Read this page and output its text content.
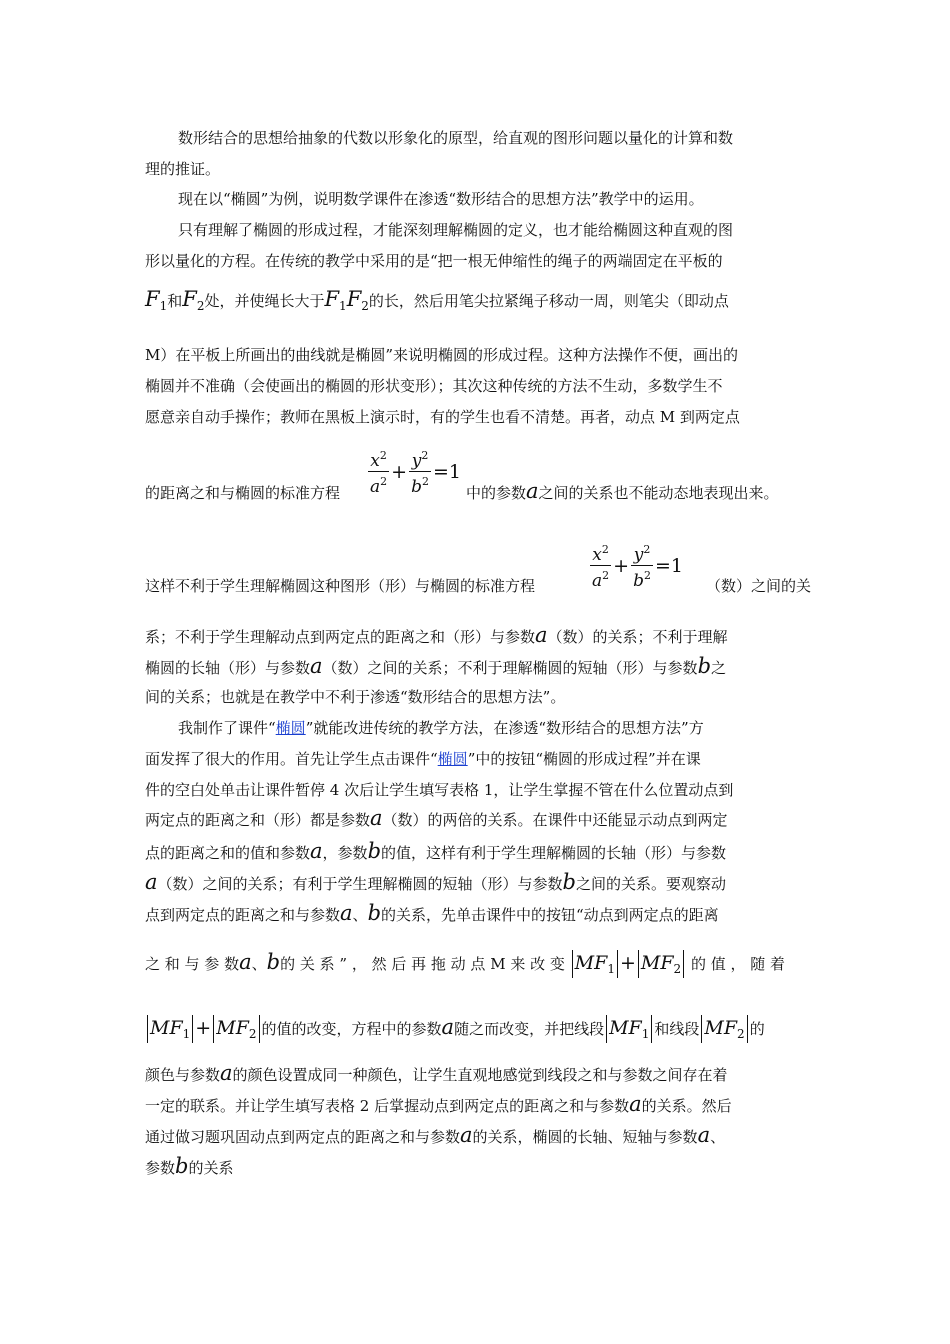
数形结合的思想给抽象的代数以形象化的原型，给直观的图形问题以量化的计算和数
理的推证。
现在以“椭圆”为例，说明数学课件在渗透“数形结合的思想方法”教学中的运用。
只有理解了椭圆的形成过程，才能深刻理解椭圆的定义，也才能给椭圆这种直观的图
形以量化的方程。在传统的教学中采用的是“把一根无伸缩性的绳子的两端固定在平板的
$F_1$和$F_2$处，并使绳长大于$F_1F_2$的长，然后用笔尖拉紧绳子移动一周，则笔尖（即动点
M）在平板上所画出的曲线就是椭圆”来说明椭圆的形成过程。这种方法操作不便，画出的
椭圆并不准确（会使画出的椭圆的形状变形）；其次这种传统的方法不生动，多数学生不
愿意亲自动手操作；教师在黑板上演示时，有的学生也看不清楚。再者，动点 M 到两定点
$\frac{x^2}{a^2} + \frac{y^2}{b^2} =1$
的距离之和与椭圆的标准方程	中的参数a之间的关系也不能动态地表现出来。
$\frac{x^2}{a^2} + \frac{y^2}{b^2} =1$
这样不利于学生理解椭圆这种图形（形）与椭圆的标准方程	（数）之间的关
系；不利于学生理解动点到两定点的距离之和（形）与参数a（数）的关系；不利于理解
椭圆的长轴（形）与参数a（数）之间的关系；不利于理解椭圆的短轴（形）与参数b之
间的关系；也就是在教学中不利于渗透“数形结合的思想方法”。
我制作了课件“椭圆”就能改进传统的教学方法，在渗透“数形结合的思想方法”方
面发挥了很大的作用。首先让学生点击课件“椭圆”中的按钮“椭圆的形成过程”并在课
件的空白处单击让课件暂停 4 次后让学生填写表格 1，让学生掌握不管在什么位置动点到
两定点的距离之和（形）都是参数a（数）的两倍的关系。在课件中还能显示动点到两定
点的距离之和的值和参数a，参数b的值，这样有利于学生理解椭圆的长轴（形）与参数
a（数）之间的关系；有利于学生理解椭圆的短轴（形）与参数b之间的关系。要观察动
点到两定点的距离之和与参数a、b的关系，先单击课件中的按钮“动点到两定点的距离
之 和 与 参 数a、b的 关 系 ” ， 然 后 再 拖 动 点 M 来 改 变 $MF_1 + MF_2$ 的 值 ， 随 着
$MF_1 + MF_2$ 的值的改变，方程中的参数a随之而改变，并把线段 $MF_1$ 和线段 $MF_2$ 的
颜色与参数a的颜色设置成同一种颜色，让学生直观地感觉到线段之和与参数之间存在着
一定的联系。并让学生填写表格 2 后掌握动点到两定点的距离之和与参数a的关系。然后
通过做习题巩固动点到两定点的距离之和与参数a的关系，椭圆的长轴、短轴与参数a、
参数b的关系
